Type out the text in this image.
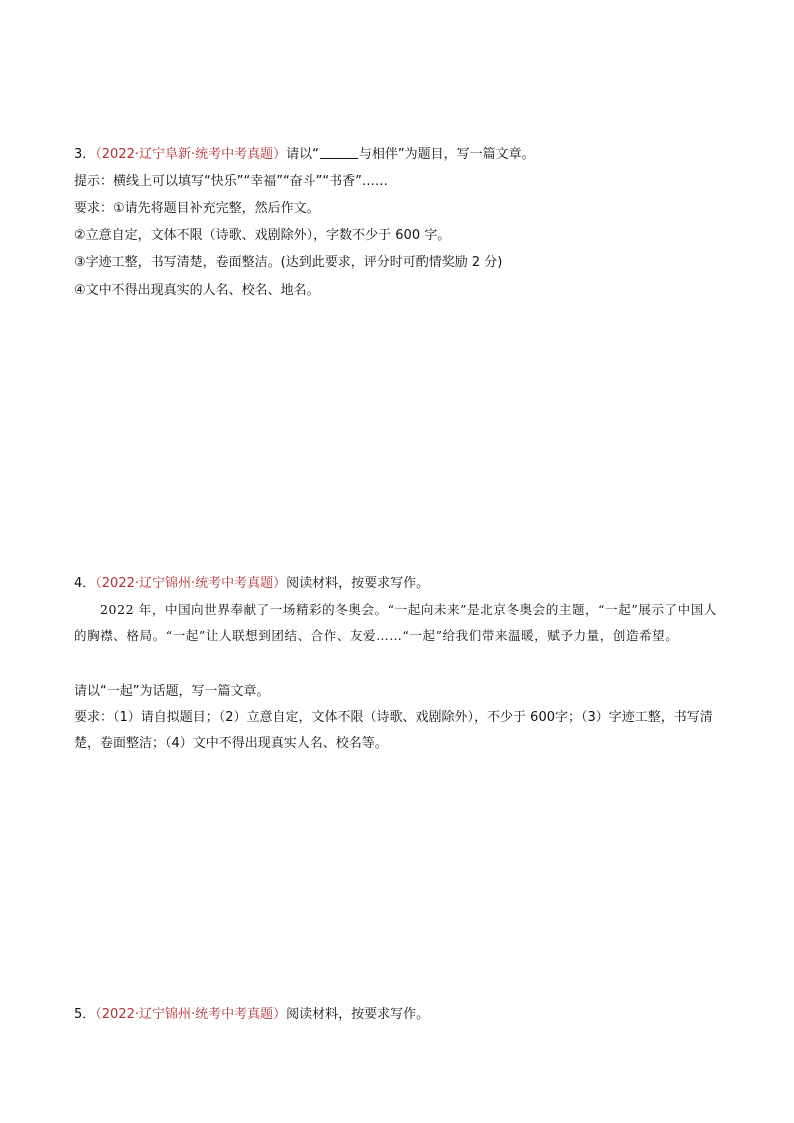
3．（2022·辽宁阜新·统考中考真题）请以“	与相伴”为题目，写一篇文章。
提示：横线上可以填写“快乐”“幸福”“奋斗”“书香”……
要求：①请先将题目补充完整，然后作文。
②立意自定，文体不限（诗歌、戏剧除外），字数不少于 600 字。
③字迹工整，书写清楚，卷面整洁。(达到此要求，评分时可酌情奖励 2 分)
④文中不得出现真实的人名、校名、地名。
4．（2022·辽宁锦州·统考中考真题）阅读材料，按要求写作。

2022 年，中国向世界奉献了一场精彩的冬奥会。“一起向未来”是北京冬奥会的主题，“一起”展示了中国人的胸襟、格局。“一起”让人联想到团结、合作、友爱……“一起”给我们带来温暖，赋予力量，创造希望。

请以“一起”为话题，写一篇文章。

要求：（1）请自拟题目；（2）立意自定，文体不限（诗歌、戏剧除外），不少于 600字；（3）字迹工整，书写清楚，卷面整洁；（4）文中不得出现真实人名、校名等。

5．（2022·辽宁锦州·统考中考真题）阅读材料，按要求写作。
